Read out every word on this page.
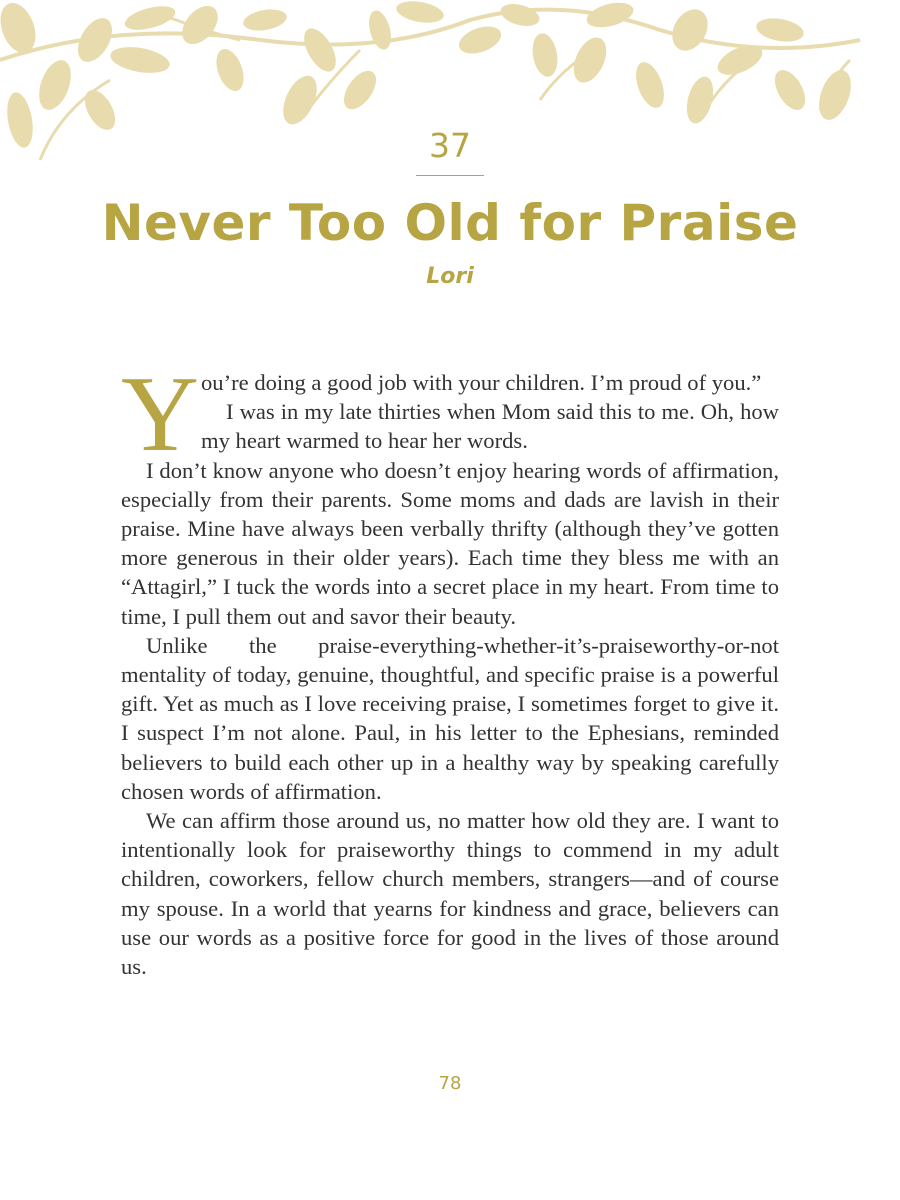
37
Never Too Old for Praise
Lori

Y ou’re doing a good job with your children. I’m proud of you.”
I was in my late thirties when Mom said this to me. Oh, how my heart warmed to hear her words.

I don’t know anyone who doesn’t enjoy hearing words of affirmation, especially from their parents. Some moms and dads are lavish in their praise. Mine have always been verbally thrifty (although they’ve gotten more generous in their older years). Each time they bless me with an “Attagirl,” I tuck the words into a secret place in my heart. From time to time, I pull them out and savor their beauty.

Unlike the praise-everything-whether-it’s-praiseworthy-or-not mentality of today, genuine, thoughtful, and specific praise is a powerful gift. Yet as much as I love receiving praise, I sometimes forget to give it. I suspect I’m not alone. Paul, in his letter to the Ephesians, reminded believers to build each other up in a healthy way by speaking carefully chosen words of affirmation.

We can affirm those around us, no matter how old they are. I want to intentionally look for praiseworthy things to commend in my adult children, coworkers, fellow church members, strangers—and of course my spouse. In a world that yearns for kindness and grace, believers can use our words as a positive force for good in the lives of those around us.

78
